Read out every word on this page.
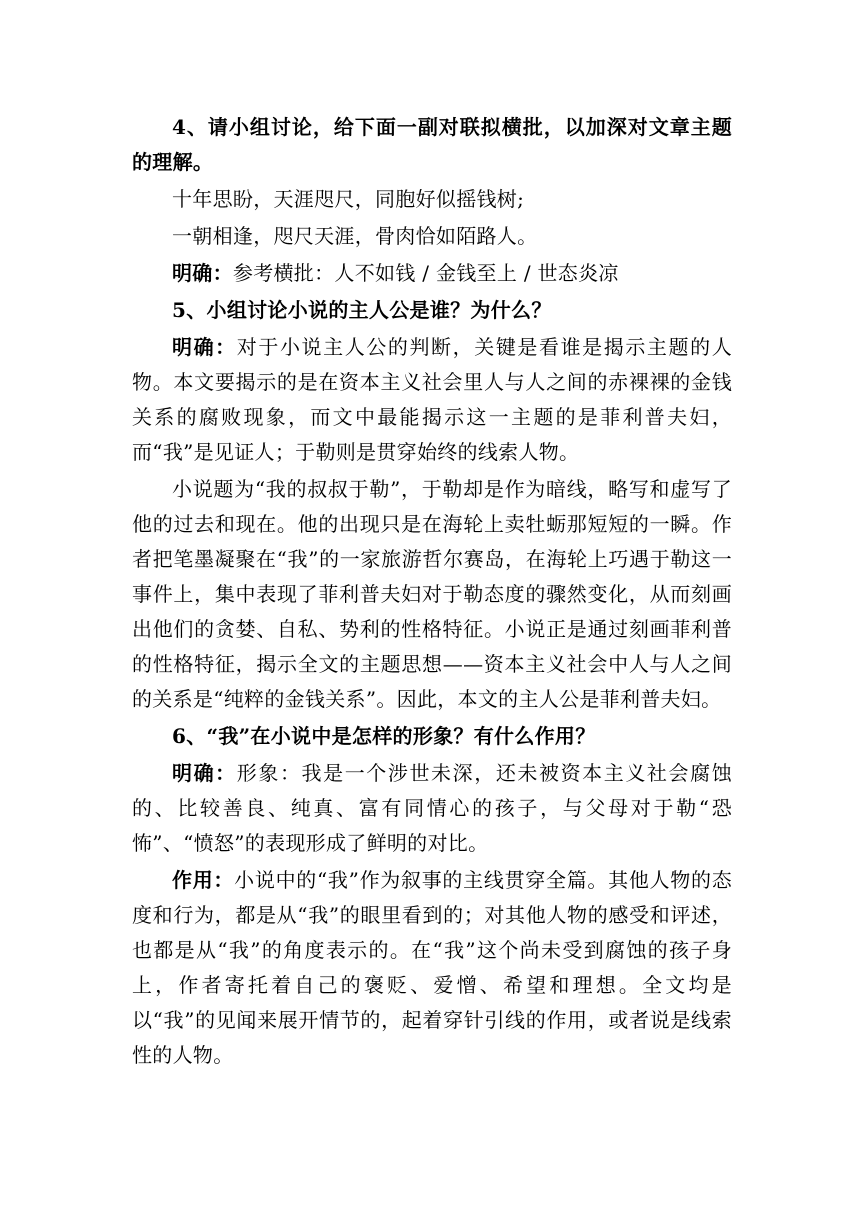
4、请小组讨论，给下面一副对联拟横批，以加深对文章主题的理解。

十年思盼，天涯咫尺，同胞好似摇钱树;

一朝相逢，咫尺天涯，骨肉恰如陌路人。

明确：参考横批：人不如钱 / 金钱至上 / 世态炎凉

5、小组讨论小说的主人公是谁？为什么？

明确：对于小说主人公的判断，关键是看谁是揭示主题的人物。本文要揭示的是在资本主义社会里人与人之间的赤裸裸的金钱关系的腐败现象，而文中最能揭示这一主题的是菲利普夫妇，而“我”是见证人；于勒则是贯穿始终的线索人物。

小说题为“我的叔叔于勒”，于勒却是作为暗线，略写和虚写了他的过去和现在。他的出现只是在海轮上卖牡蛎那短短的一瞬。作者把笔墨凝聚在“我”的一家旅游哲尔赛岛，在海轮上巧遇于勒这一事件上，集中表现了菲利普夫妇对于勒态度的骤然变化，从而刻画出他们的贪婪、自私、势利的性格特征。小说正是通过刻画菲利普的性格特征，揭示全文的主题思想——资本主义社会中人与人之间的关系是“纯粹的金钱关系”。因此，本文的主人公是菲利普夫妇。

6、“我”在小说中是怎样的形象？有什么作用？

明确：形象：我是一个涉世未深，还未被资本主义社会腐蚀的、比较善良、纯真、富有同情心的孩子，与父母对于勒“恐怖”、“愤怒”的表现形成了鲜明的对比。

作用：小说中的“我”作为叙事的主线贯穿全篇。其他人物的态度和行为，都是从“我”的眼里看到的；对其他人物的感受和评述，也都是从“我”的角度表示的。在“我”这个尚未受到腐蚀的孩子身上，作者寄托着自己的褒贬、爱憎、希望和理想。全文均是以“我”的见闻来展开情节的，起着穿针引线的作用，或者说是线索性的人物。
